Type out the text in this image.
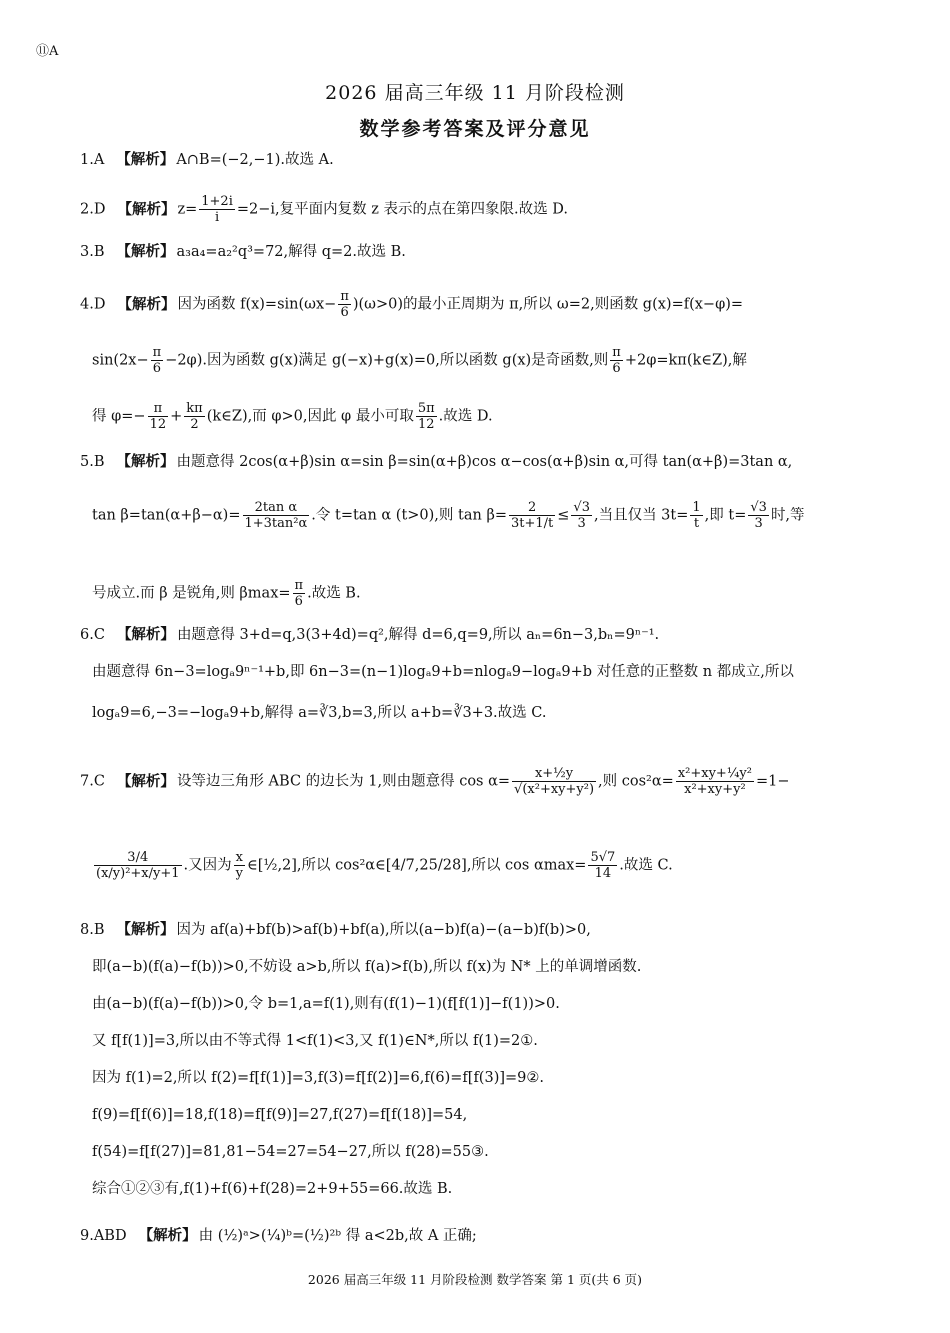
⑪A
2026 届高三年级 11 月阶段检测
数学参考答案及评分意见
1.A 【解析】 A∩B=(−2,−1).故选 A.
2.D 【解析】 $z= \frac{1+2i}{i} =2-i$,复平面内复数 z 表示的点在第四象限.故选 D.
3.B 【解析】 a₃a₄=a₂²q³=72,解得 q=2.故选 B.
4.D 【解析】 因为函数 $f(x)=\sin(\omega x- \frac{\pi}{6} )(\omega>0)$的最小正周期为 π,所以 ω=2,则函数 g(x)=f(x−φ)=
$\sin(2x- \frac{\pi}{6} -2\varphi)$.因为函数 g(x)满足 g(−x)+g(x)=0,所以函数 g(x)是奇函数,则 $\frac{\pi}{6}$ +2φ=kπ(k∈Z),解
得 $\varphi=- \frac{\pi}{12} + \frac{k\pi}{2}$ (k∈Z),而 φ>0,因此 φ 最小可取 $\frac{5\pi}{12}$ .故选 D.
5.B 【解析】 由题意得 2cos(α+β)sin α=sin β=sin(α+β)cos α−cos(α+β)sin α,可得 tan(α+β)=3tan α,
$\tan \beta=\tan(\alpha+\beta-\alpha)= \frac{\text{2tan α}}{\text{1+3tan²α}}$ .令 t=tan α (t>0),则 $\tan \beta= \frac{2}{3t+1/t} \le \frac{√3}{3}$ ,当且仅当 $3t= \frac{1}{t}$ ,即 $t= \frac{√3}{3}$ 时,等
号成立.而 β 是锐角,则 $\beta\max= \frac{\pi}{6}$ .故选 B.
6.C 【解析】 由题意得 3+d=q,3(3+4d)=q²,解得 d=6,q=9,所以 aₙ=6n−3,bₙ=9ⁿ⁻¹.
由题意得 6n−3=logₐ9ⁿ⁻¹+b,即 6n−3=(n−1)logₐ9+b=nlogₐ9−logₐ9+b 对任意的正整数 n 都成立,所以
logₐ9=6,−3=−logₐ9+b,解得 a=∛3,b=3,所以 a+b=∛3+3.故选 C.
7.C 【解析】 设等边三角形 ABC 的边长为 1,则由题意得 $\cos \alpha= \frac{\text{x+½y}}{\text{√(x²+xy+y²)}}$ ,则 $\cos^2\alpha= \frac{\text{x²+xy+¼y²}}{\text{x²+xy+y²}} =1-$
$\frac{3/4}{\text{(x/y)²+x/y+1}}$ .又因为 $\frac{x}{y}$ ∈[½,2],所以 cos²α∈[4/7,25/28],所以 $\cos \alpha\max= \frac{5√7}{14}$ .故选 C.
8.B 【解析】 因为 af(a)+bf(b)>af(b)+bf(a),所以(a−b)f(a)−(a−b)f(b)>0,
即(a−b)(f(a)−f(b))>0,不妨设 a>b,所以 f(a)>f(b),所以 f(x)为 N* 上的单调增函数.
由(a−b)(f(a)−f(b))>0,令 b=1,a=f(1),则有(f(1)−1)(f[f(1)]−f(1))>0.
又 f[f(1)]=3,所以由不等式得 1<f(1)<3,又 f(1)∈N*,所以 f(1)=2①.
因为 f(1)=2,所以 f(2)=f[f(1)]=3,f(3)=f[f(2)]=6,f(6)=f[f(3)]=9②.
f(9)=f[f(6)]=18,f(18)=f[f(9)]=27,f(27)=f[f(18)]=54,
f(54)=f[f(27)]=81,81−54=27=54−27,所以 f(28)=55③.
综合①②③有,f(1)+f(6)+f(28)=2+9+55=66.故选 B.
9.ABD 【解析】 由 (½)ᵃ>(¼)ᵇ=(½)²ᵇ 得 a<2b,故 A 正确;
2026 届高三年级 11 月阶段检测 数学答案 第 1 页(共 6 页)
